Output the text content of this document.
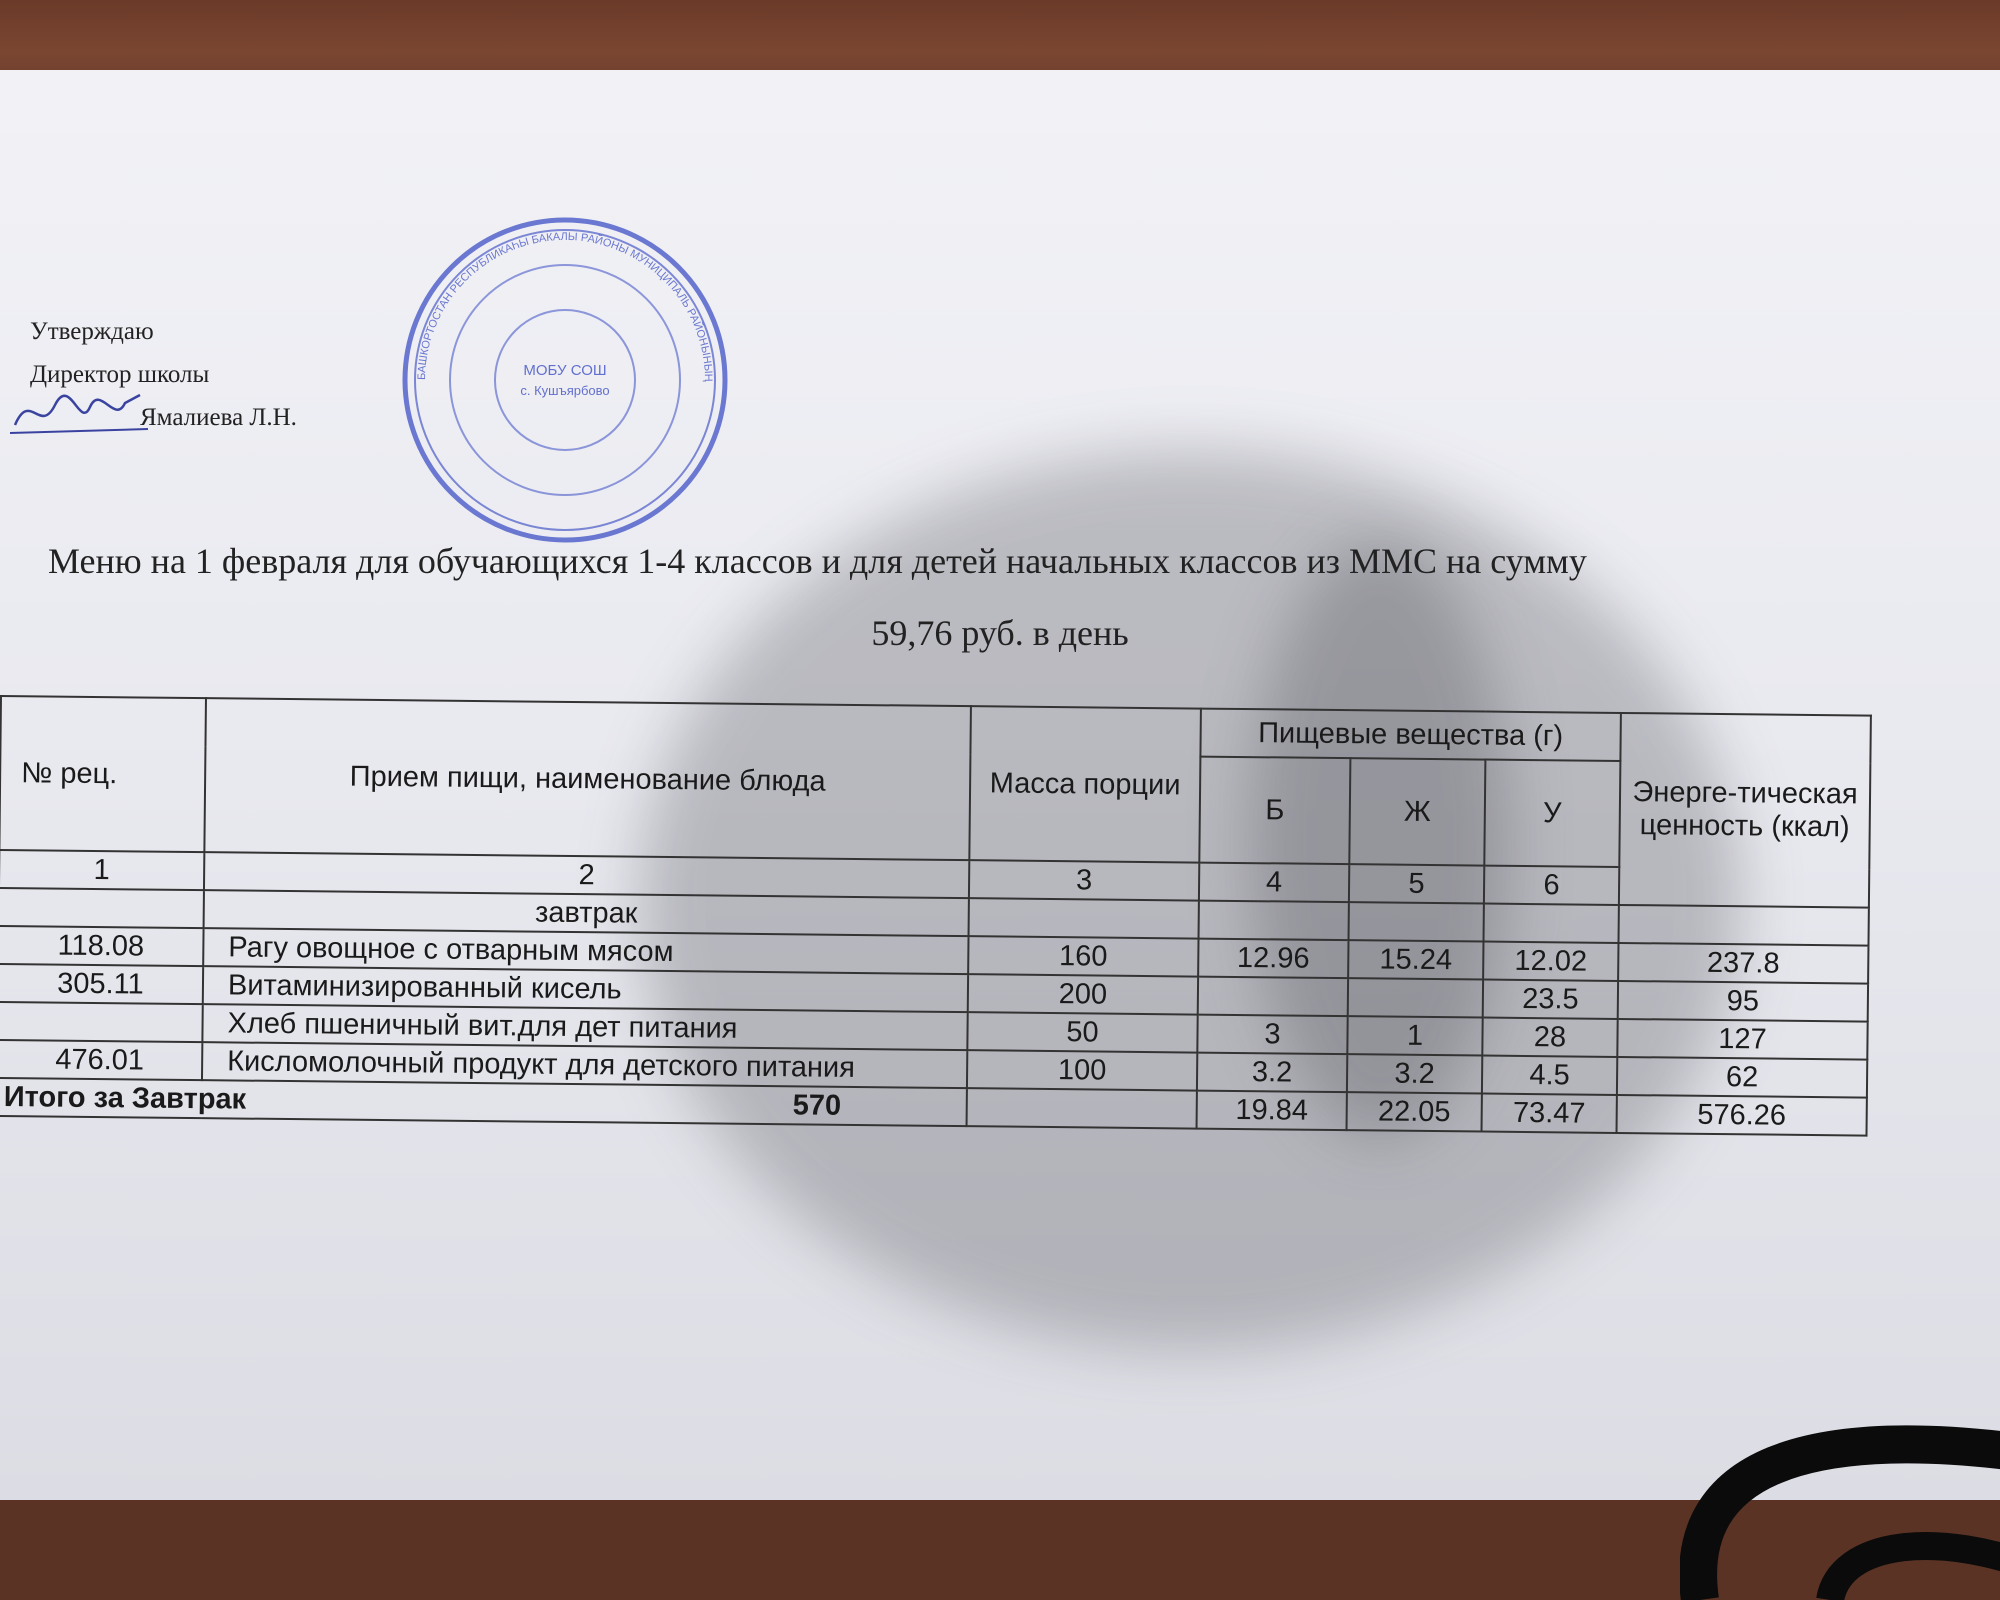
Утверждаю
Директор школы
Ямалиева Л.Н.
БАШКОРТОСТАН РЕСПУБЛИКАҺЫ БАКАЛЫ РАЙОНЫ МУНИЦИПАЛЬ РАЙОНЫНЫҢ
МОБУ СОШ
с. Кушъярбово
Меню на 1 февраля для обучающихся 1-4 классов и для детей начальных классов из ММС на сумму
59,76 руб. в день
№ рец.	Прием пищи, наименование блюда	Масса порции	Пищевые вещества (г)			Энерге-тическая ценность (ккал)
			Б	Ж	У	
1	2	3	4	5	6	
	завтрак					
118.08	Рагу овощное с отварным мясом	160	12.96	15.24	12.02	237.8
305.11	Витаминизированный кисель	200			23.5	95
	Хлеб пшеничный вит.для дет питания	50	3	1	28	127
476.01	Кисломолочный продукт для детского питания	100	3.2	3.2	4.5	62
Итого за Завтрак 570			19.84	22.05	73.47	576.26
